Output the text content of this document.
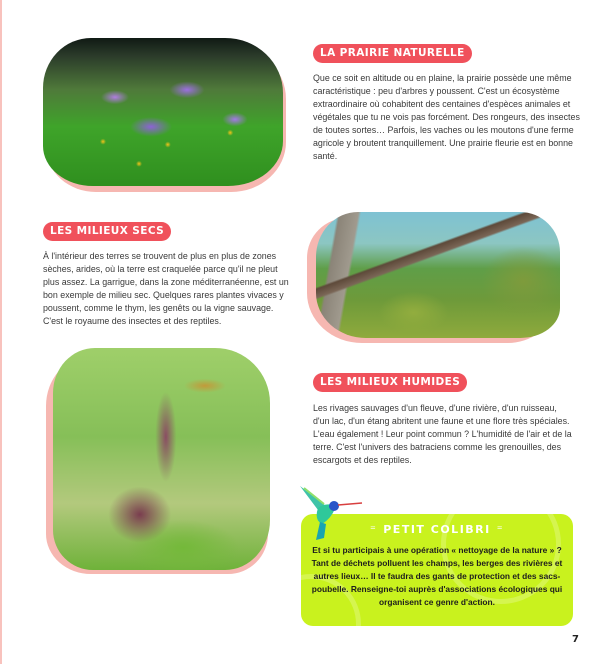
LA PRAIRIE NATURELLE
Que ce soit en altitude ou en plaine, la prairie possède une même caractéristique : peu d'arbres y poussent. C'est un écosystème extraordinaire où cohabitent des centaines d'espèces animales et végétales que tu ne vois pas forcément. Des rongeurs, des insectes de toutes sortes… Parfois, les vaches ou les moutons d'une ferme agricole y broutent tranquillement. Une prairie fleurie est en bonne santé.
LES MILIEUX SECS
À l'intérieur des terres se trouvent de plus en plus de zones sèches, arides, où la terre est craquelée parce qu'il ne pleut plus assez. La garrigue, dans la zone méditerranéenne, est un bon exemple de milieu sec. Quelques rares plantes vivaces y poussent, comme le thym, les genêts ou la vigne sauvage. C'est le royaume des insectes et des reptiles.
LES MILIEUX HUMIDES
Les rivages sauvages d'un fleuve, d'une rivière, d'un ruisseau, d'un lac, d'un étang abritent une faune et une flore très spéciales. L'eau également ! Leur point commun ? L'humidité de l'air et de la terre. C'est l'univers des batraciens comme les grenouilles, des escargots et des reptiles.
⁼ PETIT COLIBRI ⁼
Et si tu participais à une opération « nettoyage de la nature » ? Tant de déchets polluent les champs, les berges des rivières et autres lieux… Il te faudra des gants de protection et des sacs-poubelle. Renseigne-toi auprès d'associations écologiques qui organisent ce genre d'action.
7
